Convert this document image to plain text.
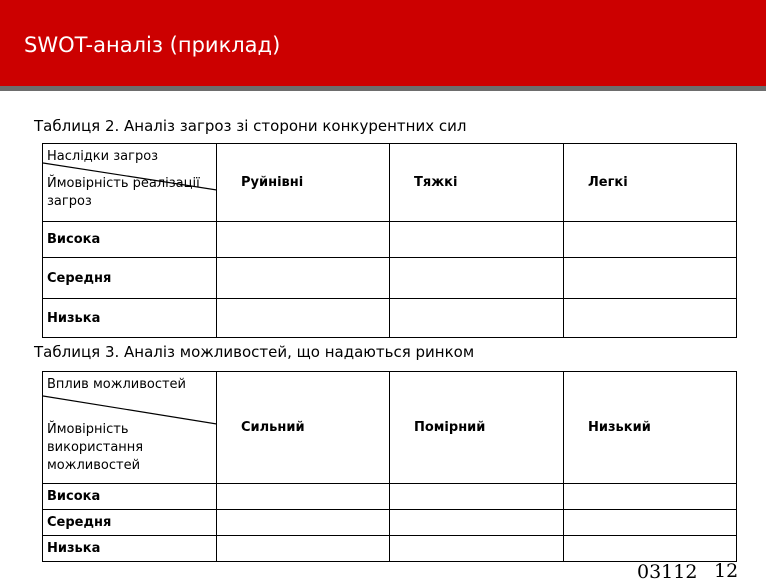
SWOT-аналіз (приклад)
Таблиця 2. Аналіз загроз зі сторони конкурентних сил
Наслідки загроз
Ймовірність реалізації загроз	Руйнівні	Тяжкі	Легкі
Висока			
Середня			
Низька			
Таблиця 3. Аналіз можливостей, що надаються ринком
Вплив можливостей
Ймовірність використання можливостей	Сильний	Помірний	Низький
Висока			
Середня			
Низька			
03112 12
